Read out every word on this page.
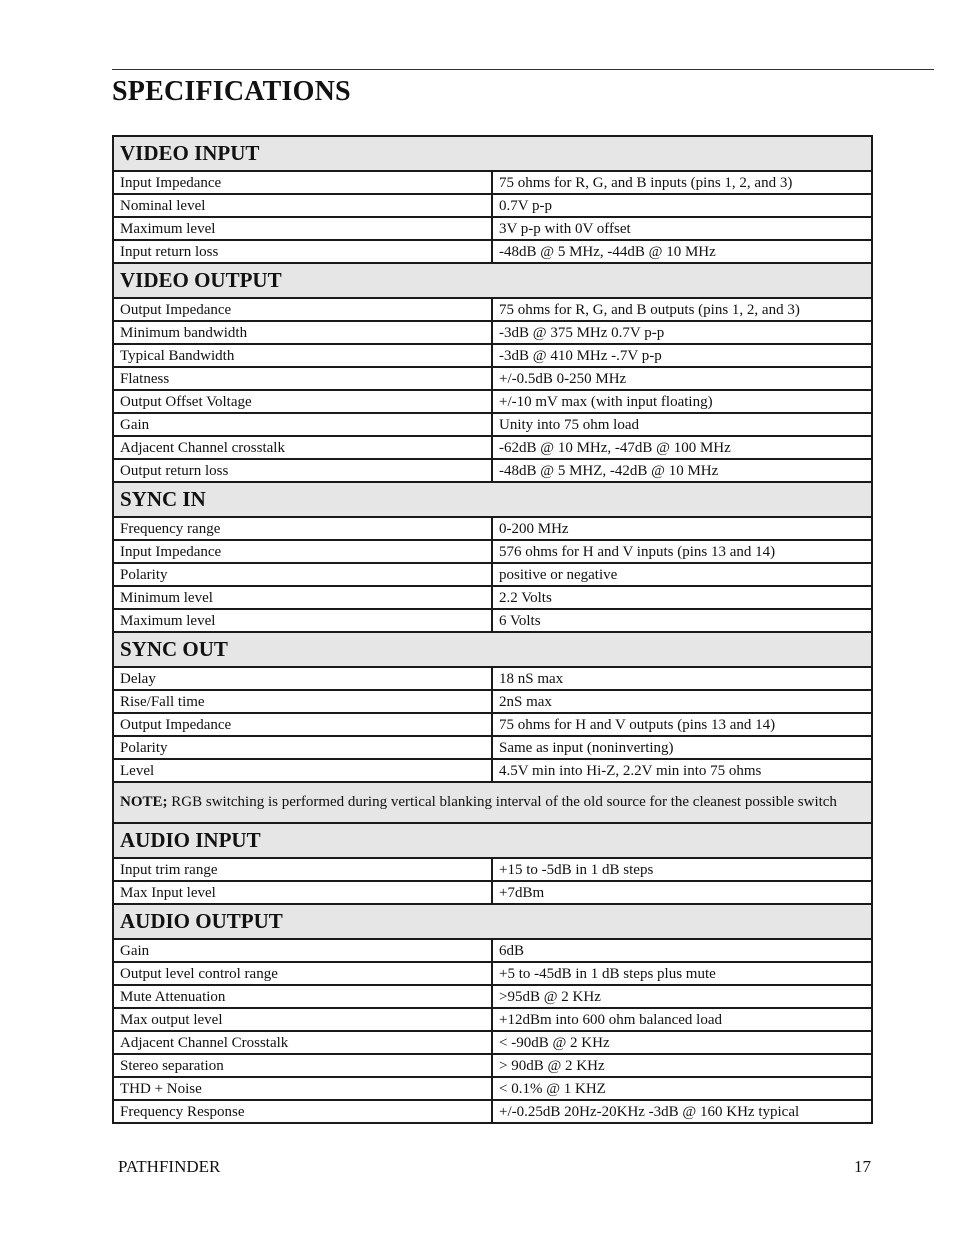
SPECIFICATIONS
VIDEO INPUT	
Input Impedance	75 ohms for R, G, and B inputs (pins 1, 2, and 3)
Nominal level	0.7V p-p
Maximum level	3V p-p with 0V offset
Input return loss	-48dB @ 5 MHz, -44dB @ 10 MHz
VIDEO OUTPUT	
Output Impedance	75 ohms for R, G, and B outputs (pins 1, 2, and 3)
Minimum bandwidth	-3dB @ 375 MHz 0.7V p-p
Typical Bandwidth	-3dB @ 410 MHz -.7V p-p
Flatness	+/-0.5dB 0-250 MHz
Output Offset Voltage	+/-10 mV max (with input floating)
Gain	Unity into 75 ohm load
Adjacent Channel crosstalk	-62dB @ 10 MHz, -47dB @ 100 MHz
Output return loss	-48dB @ 5 MHZ, -42dB @ 10 MHz
SYNC IN	
Frequency range	0-200 MHz
Input Impedance	576 ohms for H and V inputs (pins 13 and 14)
Polarity	positive or negative
Minimum level	2.2 Volts
Maximum level	6 Volts
SYNC OUT	
Delay	18 nS max
Rise/Fall time	2nS max
Output Impedance	75 ohms for H and V outputs (pins 13 and 14)
Polarity	Same as input (noninverting)
Level	4.5V min into Hi-Z, 2.2V min into 75 ohms
NOTE; RGB switching is performed during vertical blanking interval of the old source for the cleanest possible switch	
AUDIO INPUT	
Input trim range	+15 to -5dB in 1 dB steps
Max Input level	+7dBm
AUDIO OUTPUT	
Gain	6dB
Output level control range	+5 to -45dB in 1 dB steps plus mute
Mute Attenuation	>95dB @ 2 KHz
Max output level	+12dBm into 600 ohm balanced load
Adjacent Channel Crosstalk	< -90dB @ 2 KHz
Stereo separation	> 90dB @ 2 KHz
THD + Noise	< 0.1% @ 1 KHZ
Frequency Response	+/-0.25dB 20Hz-20KHz -3dB @ 160 KHz typical
PATHFINDER	17
